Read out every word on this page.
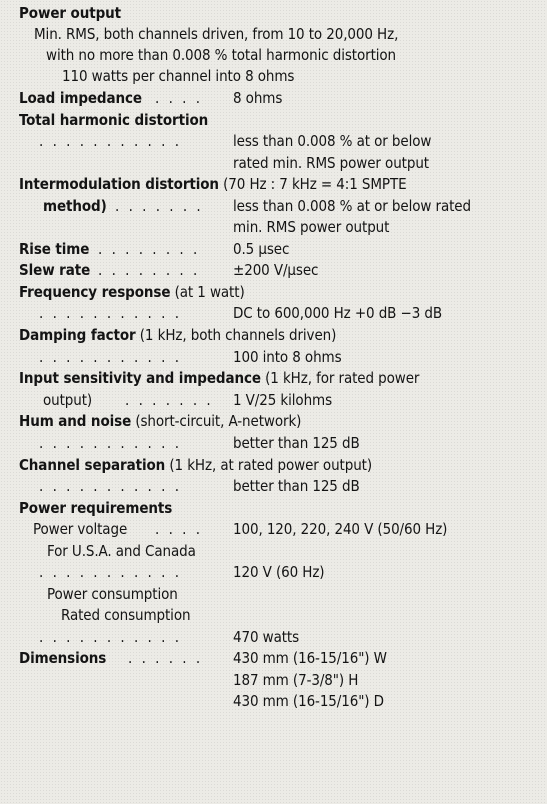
Power output
Min. RMS, both channels driven, from 10 to 20,000 Hz,
with no more than 0.008 % total harmonic distortion
110 watts per channel into 8 ohms
Load impedance . . . . 8 ohms
Total harmonic distortion
. . . . . . . . . . .	less than 0.008 % at or below
rated min. RMS power output
Intermodulation distortion (70 Hz : 7 kHz = 4:1 SMPTE
method) . . . . . . . less than 0.008 % at or below rated
min. RMS power output
Rise time . . . . . . . . 0.5 μsec
Slew rate . . . . . . . . ±200 V/μsec
Frequency response (at 1 watt)
. . . . . . . . . . .	DC to 600,000 Hz +0 dB −3 dB
Damping factor (1 kHz, both channels driven)
. . . . . . . . . . .	100 into 8 ohms
Input sensitivity and impedance (1 kHz, for rated power
output) . . . . . . . 1 V/25 kilohms
Hum and noise (short-circuit, A-network)
. . . . . . . . . . .	better than 125 dB
Channel separation (1 kHz, at rated power output)
. . . . . . . . . . .	better than 125 dB
Power requirements
Power voltage . . . . 100, 120, 220, 240 V (50/60 Hz)
For U.S.A. and Canada
. . . . . . . . . . .	120 V (60 Hz)
Power consumption
Rated consumption
. . . . . . . . . . .	470 watts
Dimensions . . . . . . 430 mm (16-15/16") W
187 mm (7-3/8") H
430 mm (16-15/16") D
